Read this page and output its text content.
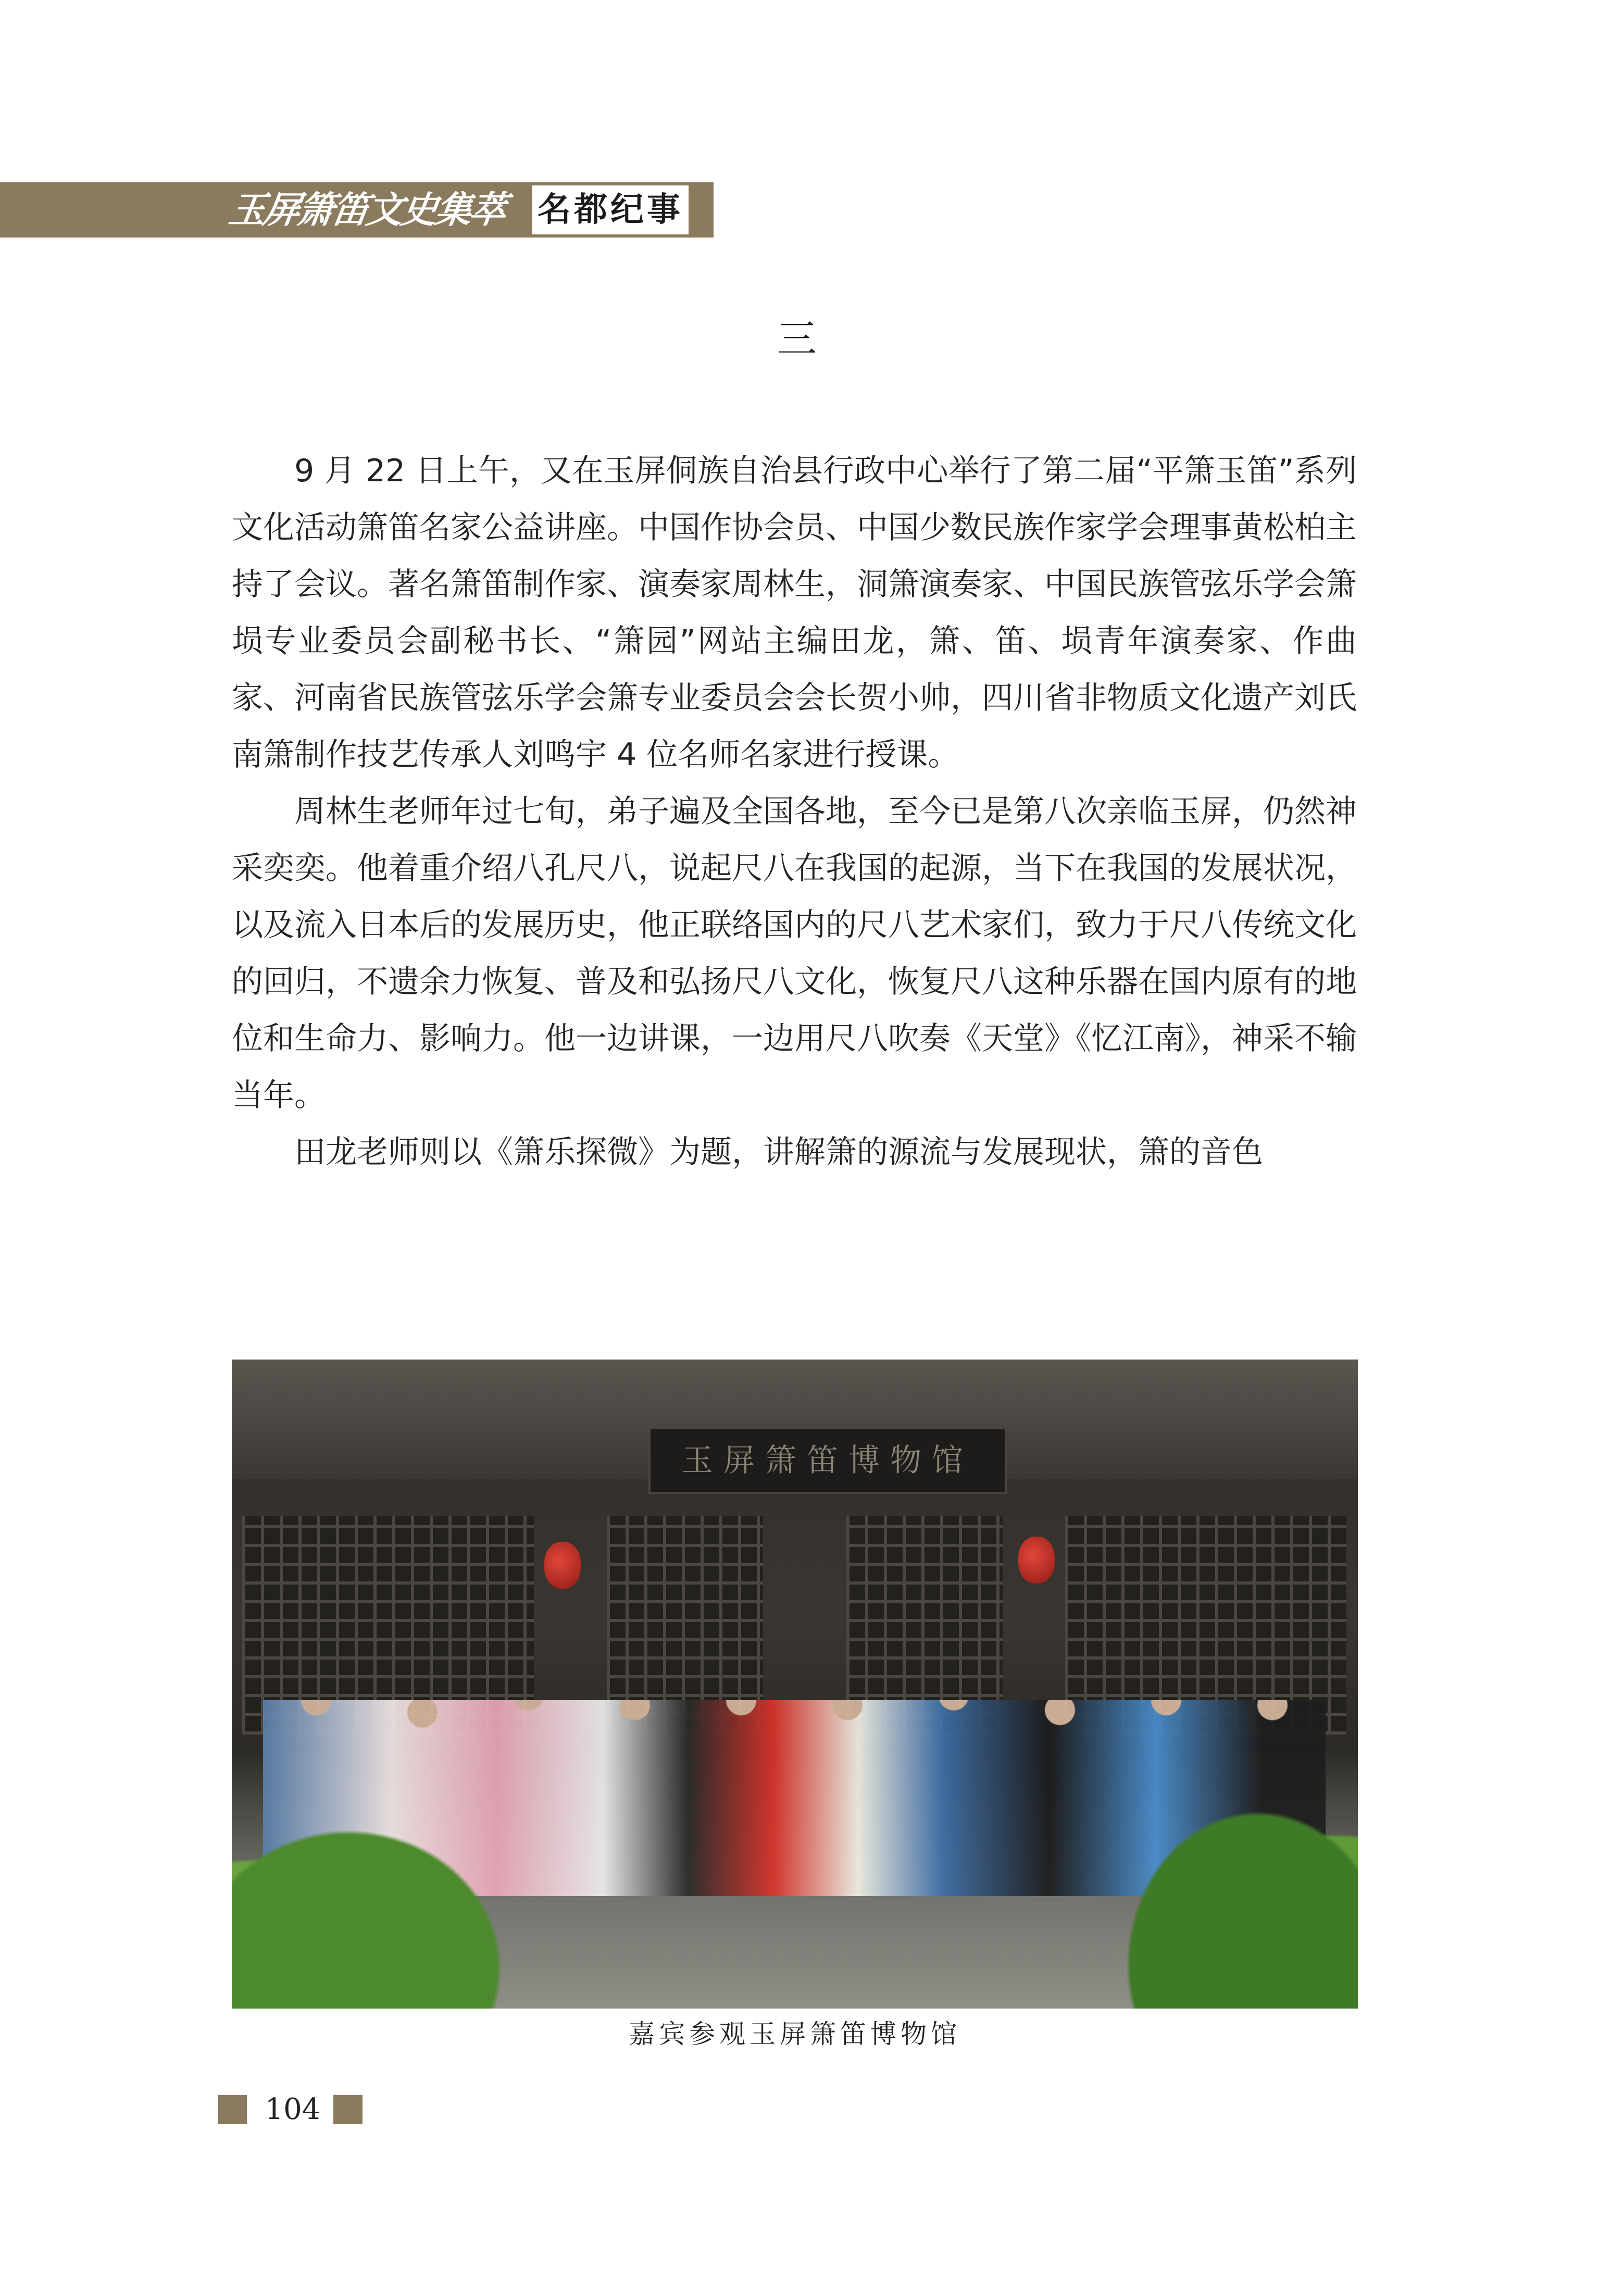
玉屏箫笛文史集萃 名都纪事
三

9 月 22 日上午，又在玉屏侗族自治县行政中心举行了第二届“平箫玉笛”系列文化活动箫笛名家公益讲座。中国作协会员、中国少数民族作家学会理事黄松柏主持了会议。著名箫笛制作家、演奏家周林生，洞箫演奏家、中国民族管弦乐学会箫埙专业委员会副秘书长、“箫园”网站主编田龙，箫、笛、埙青年演奏家、作曲家、河南省民族管弦乐学会箫专业委员会会长贺小帅，四川省非物质文化遗产刘氏南箫制作技艺传承人刘鸣宇 4 位名师名家进行授课。

周林生老师年过七旬，弟子遍及全国各地，至今已是第八次亲临玉屏，仍然神采奕奕。他着重介绍八孔尺八，说起尺八在我国的起源，当下在我国的发展状况，以及流入日本后的发展历史，他正联络国内的尺八艺术家们，致力于尺八传统文化的回归，不遗余力恢复、普及和弘扬尺八文化，恢复尺八这种乐器在国内原有的地位和生命力、影响力。他一边讲课，一边用尺八吹奏《天堂》《忆江南》，神采不输当年。

田龙老师则以《箫乐探微》为题，讲解箫的源流与发展现状，箫的音色

玉屏箫笛博物馆
嘉宾参观玉屏箫笛博物馆
104
